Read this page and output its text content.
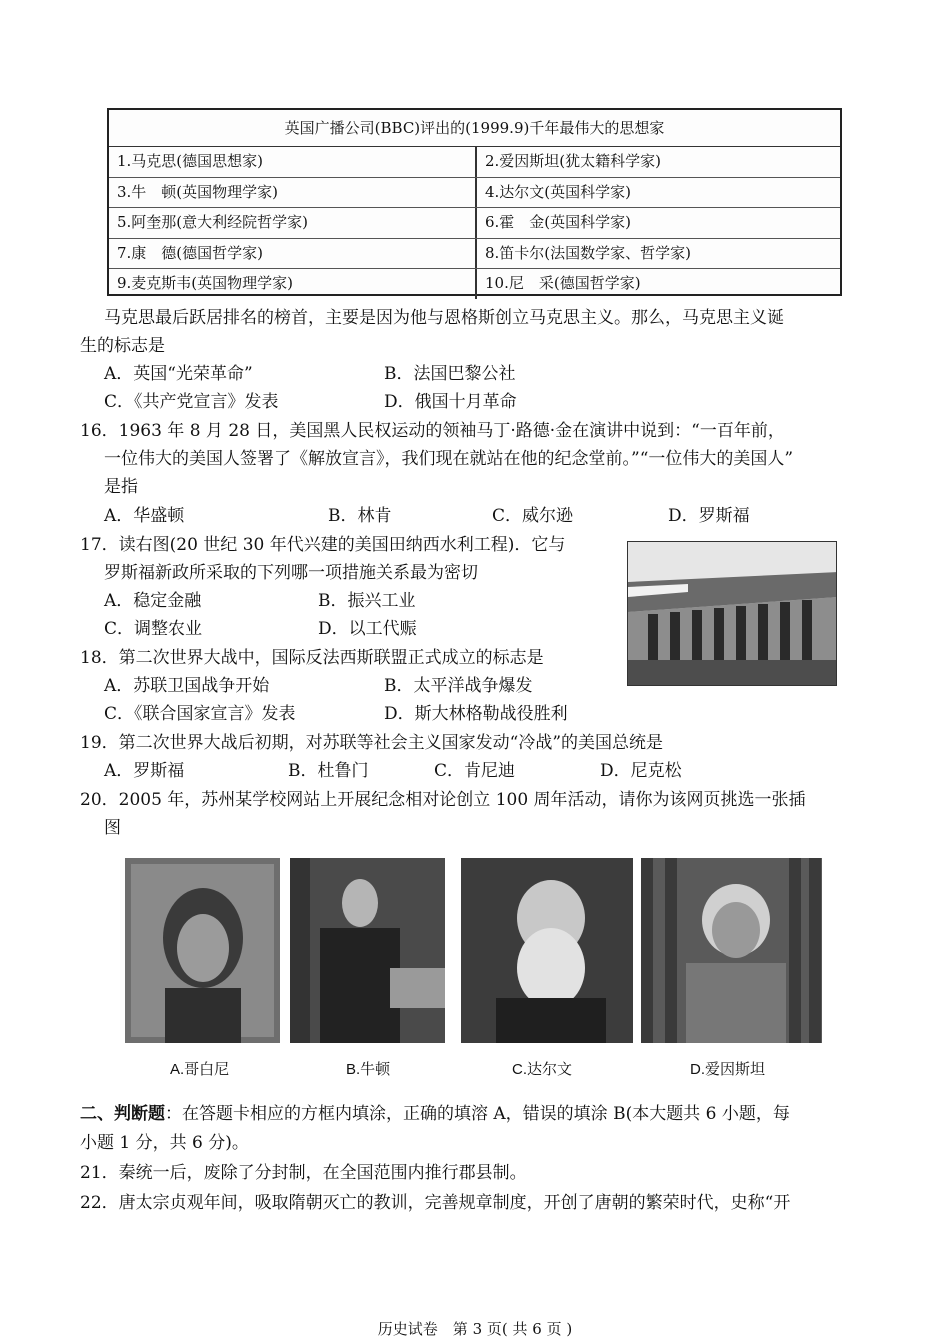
英国广播公司(BBC)评出的(1999.9)千年最伟大的思想家
1.马克思(德国思想家)	2.爱因斯坦(犹太籍科学家)
3.牛　顿(英国物理学家)	4.达尔文(英国科学家)
5.阿奎那(意大利经院哲学家)	6.霍　金(英国科学家)
7.康　德(德国哲学家)	8.笛卡尔(法国数学家、哲学家)
9.麦克斯韦(英国物理学家)	10.尼　采(德国哲学家)
马克思最后跃居排名的榜首，主要是因为他与恩格斯创立马克思主义。那么，马克思主义诞
生的标志是
A．英国“光荣革命”	B．法国巴黎公社
C．《共产党宣言》发表	D．俄国十月革命
16．1963 年 8 月 28 日，美国黑人民权运动的领袖马丁·路德·金在演讲中说到：“一百年前，
一位伟大的美国人签署了《解放宣言》，我们现在就站在他的纪念堂前。”“一位伟大的美国人”
是指
A．华盛顿	B．林肯	C．威尔逊	D．罗斯福
17．读右图(20 世纪 30 年代兴建的美国田纳西水利工程)．它与
罗斯福新政所采取的下列哪一项措施关系最为密切
A．稳定金融	B．振兴工业
C．调整农业	D．以工代赈
18．第二次世界大战中，国际反法西斯联盟正式成立的标志是
A．苏联卫国战争开始	B．太平洋战争爆发
C．《联合国家宣言》发表	D．斯大林格勒战役胜利
19．第二次世界大战后初期，对苏联等社会主义国家发动“冷战”的美国总统是
A．罗斯福	B．杜鲁门	C．肯尼迪	D．尼克松
20．2005 年，苏州某学校网站上开展纪念相对论创立 100 周年活动，请你为该网页挑选一张插
图
A.哥白尼	B.牛顿	C.达尔文	D.爱因斯坦
二、判断题：在答题卡相应的方框内填涂，正确的填溶 A，错误的填涂 B(本大题共 6 小题，每
小题 1 分，共 6 分)。
21．秦统一后，废除了分封制，在全国范围内推行郡县制。
22．唐太宗贞观年间，吸取隋朝灭亡的教训，完善规章制度，开创了唐朝的繁荣时代，史称“开
历史试卷　第 3 页( 共 6 页 )
